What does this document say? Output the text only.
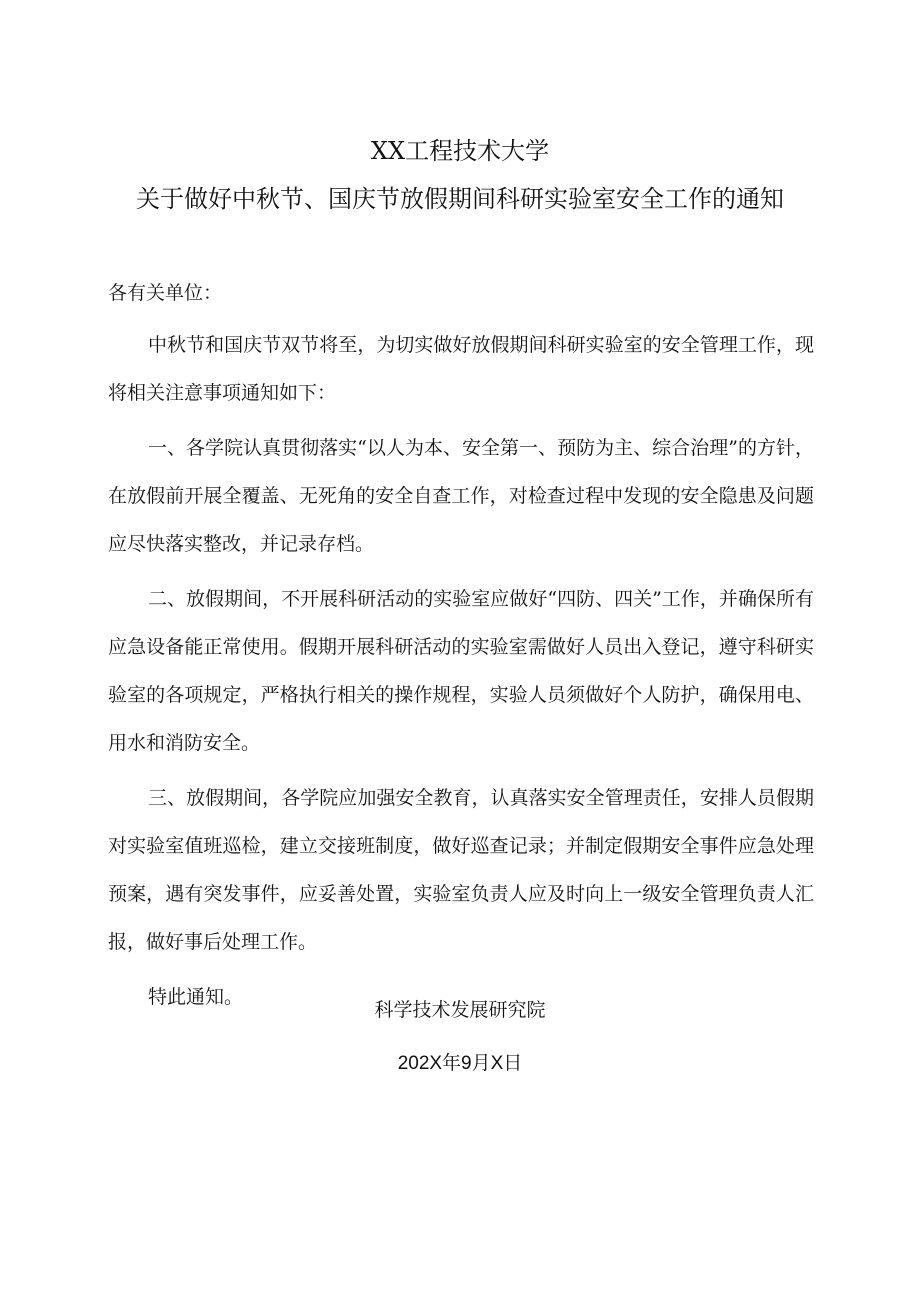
XX工程技术大学
关于做好中秋节、国庆节放假期间科研实验室安全工作的通知
各有关单位：

中秋节和国庆节双节将至，为切实做好放假期间科研实验室的安全管理工作，现将相关注意事项通知如下：

一、各学院认真贯彻落实“以人为本、安全第一、预防为主、综合治理”的方针，在放假前开展全覆盖、无死角的安全自查工作，对检查过程中发现的安全隐患及问题应尽快落实整改，并记录存档。

二、放假期间，不开展科研活动的实验室应做好“四防、四关”工作，并确保所有应急设备能正常使用。假期开展科研活动的实验室需做好人员出入登记，遵守科研实验室的各项规定，严格执行相关的操作规程，实验人员须做好个人防护，确保用电、用水和消防安全。

三、放假期间，各学院应加强安全教育，认真落实安全管理责任，安排人员假期对实验室值班巡检，建立交接班制度，做好巡查记录；并制定假期安全事件应急处理预案，遇有突发事件，应妥善处置，实验室负责人应及时向上一级安全管理负责人汇报，做好事后处理工作。

特此通知。

科学技术发展研究院
202X年9月X日
